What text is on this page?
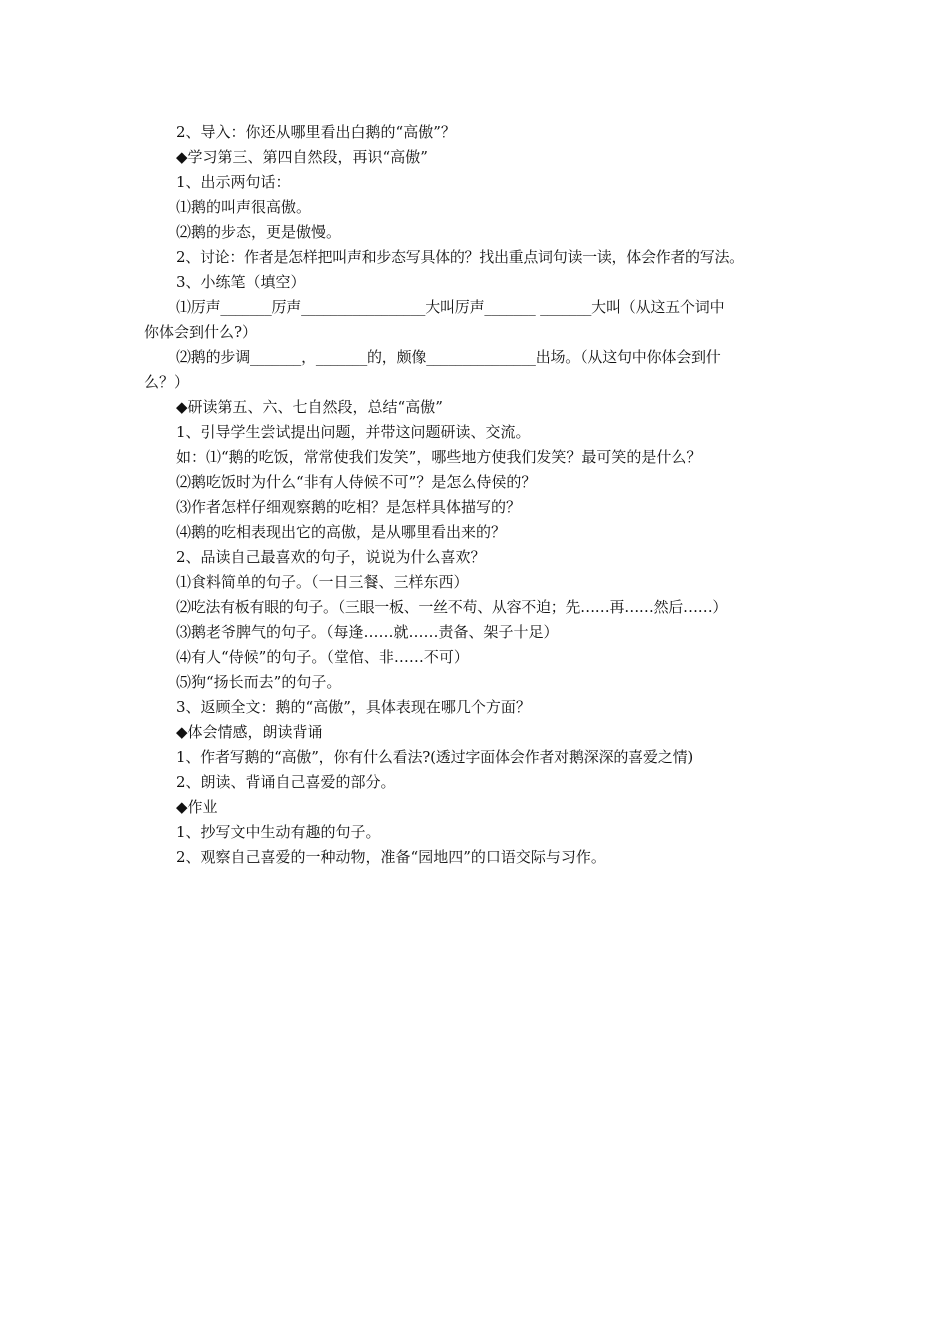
2、导入：你还从哪里看出白鹅的“高傲”？
◆学习第三、第四自然段，再识“高傲”
1、出示两句话：
⑴鹅的叫声很高傲。
⑵鹅的步态，更是傲慢。
2、讨论：作者是怎样把叫声和步态写具体的？找出重点词句读一读，体会作者的写法。
3、小练笔（填空）
⑴厉声_______厉声_________________大叫厉声_______ _______大叫（从这五个词中
你体会到什么?）
⑵鹅的步调_______，_______的，颇像_______________出场。（从这句中你体会到什
么？）
◆研读第五、六、七自然段，总结“高傲”
1、引导学生尝试提出问题，并带这问题研读、交流。
如：⑴“鹅的吃饭，常常使我们发笑”，哪些地方使我们发笑？最可笑的是什么？
⑵鹅吃饭时为什么“非有人侍候不可”？是怎么侍侯的？
⑶作者怎样仔细观察鹅的吃相？是怎样具体描写的？
⑷鹅的吃相表现出它的高傲，是从哪里看出来的？
2、品读自己最喜欢的句子，说说为什么喜欢？
⑴食料简单的句子。（一日三餐、三样东西）
⑵吃法有板有眼的句子。（三眼一板、一丝不苟、从容不迫；先……再……然后……）
⑶鹅老爷脾气的句子。（每逢……就……责备、架子十足）
⑷有人“侍候”的句子。（堂倌、非……不可）
⑸狗“扬长而去”的句子。
3、返顾全文：鹅的“高傲”，具体表现在哪几个方面？
◆体会情感，朗读背诵
1、作者写鹅的“高傲”，你有什么看法?(透过字面体会作者对鹅深深的喜爱之情)
2、朗读、背诵自己喜爱的部分。
◆作业
1、抄写文中生动有趣的句子。
2、观察自己喜爱的一种动物，准备“园地四”的口语交际与习作。
